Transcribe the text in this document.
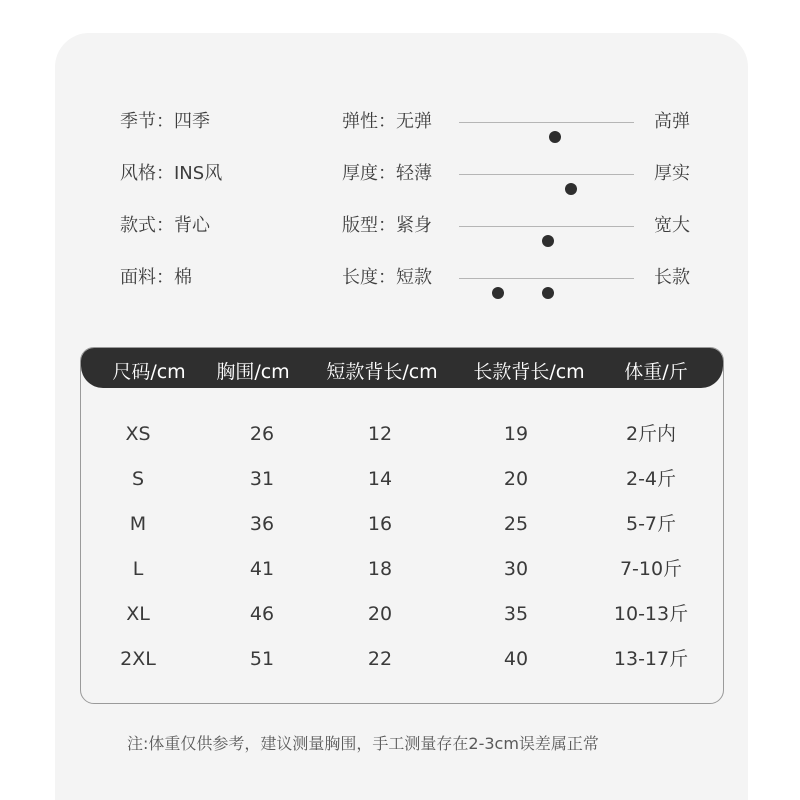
季节：四季	弹性：无弹	高弹
风格：INS风	厚度：轻薄	厚实
款式：背心	版型：紧身	宽大
面料：棉	长度：短款	长款
尺码/cm 胸围/cm 短款背长/cm 长款背长/cm 体重/斤
XS	26	12	19	2斤内
S	31	14	20	2-4斤
M	36	16	25	5-7斤
L	41	18	30	7-10斤
XL	46	20	35	10-13斤
2XL	51	22	40	13-17斤
注:体重仅供参考，建议测量胸围，手工测量存在2-3cm误差属正常
